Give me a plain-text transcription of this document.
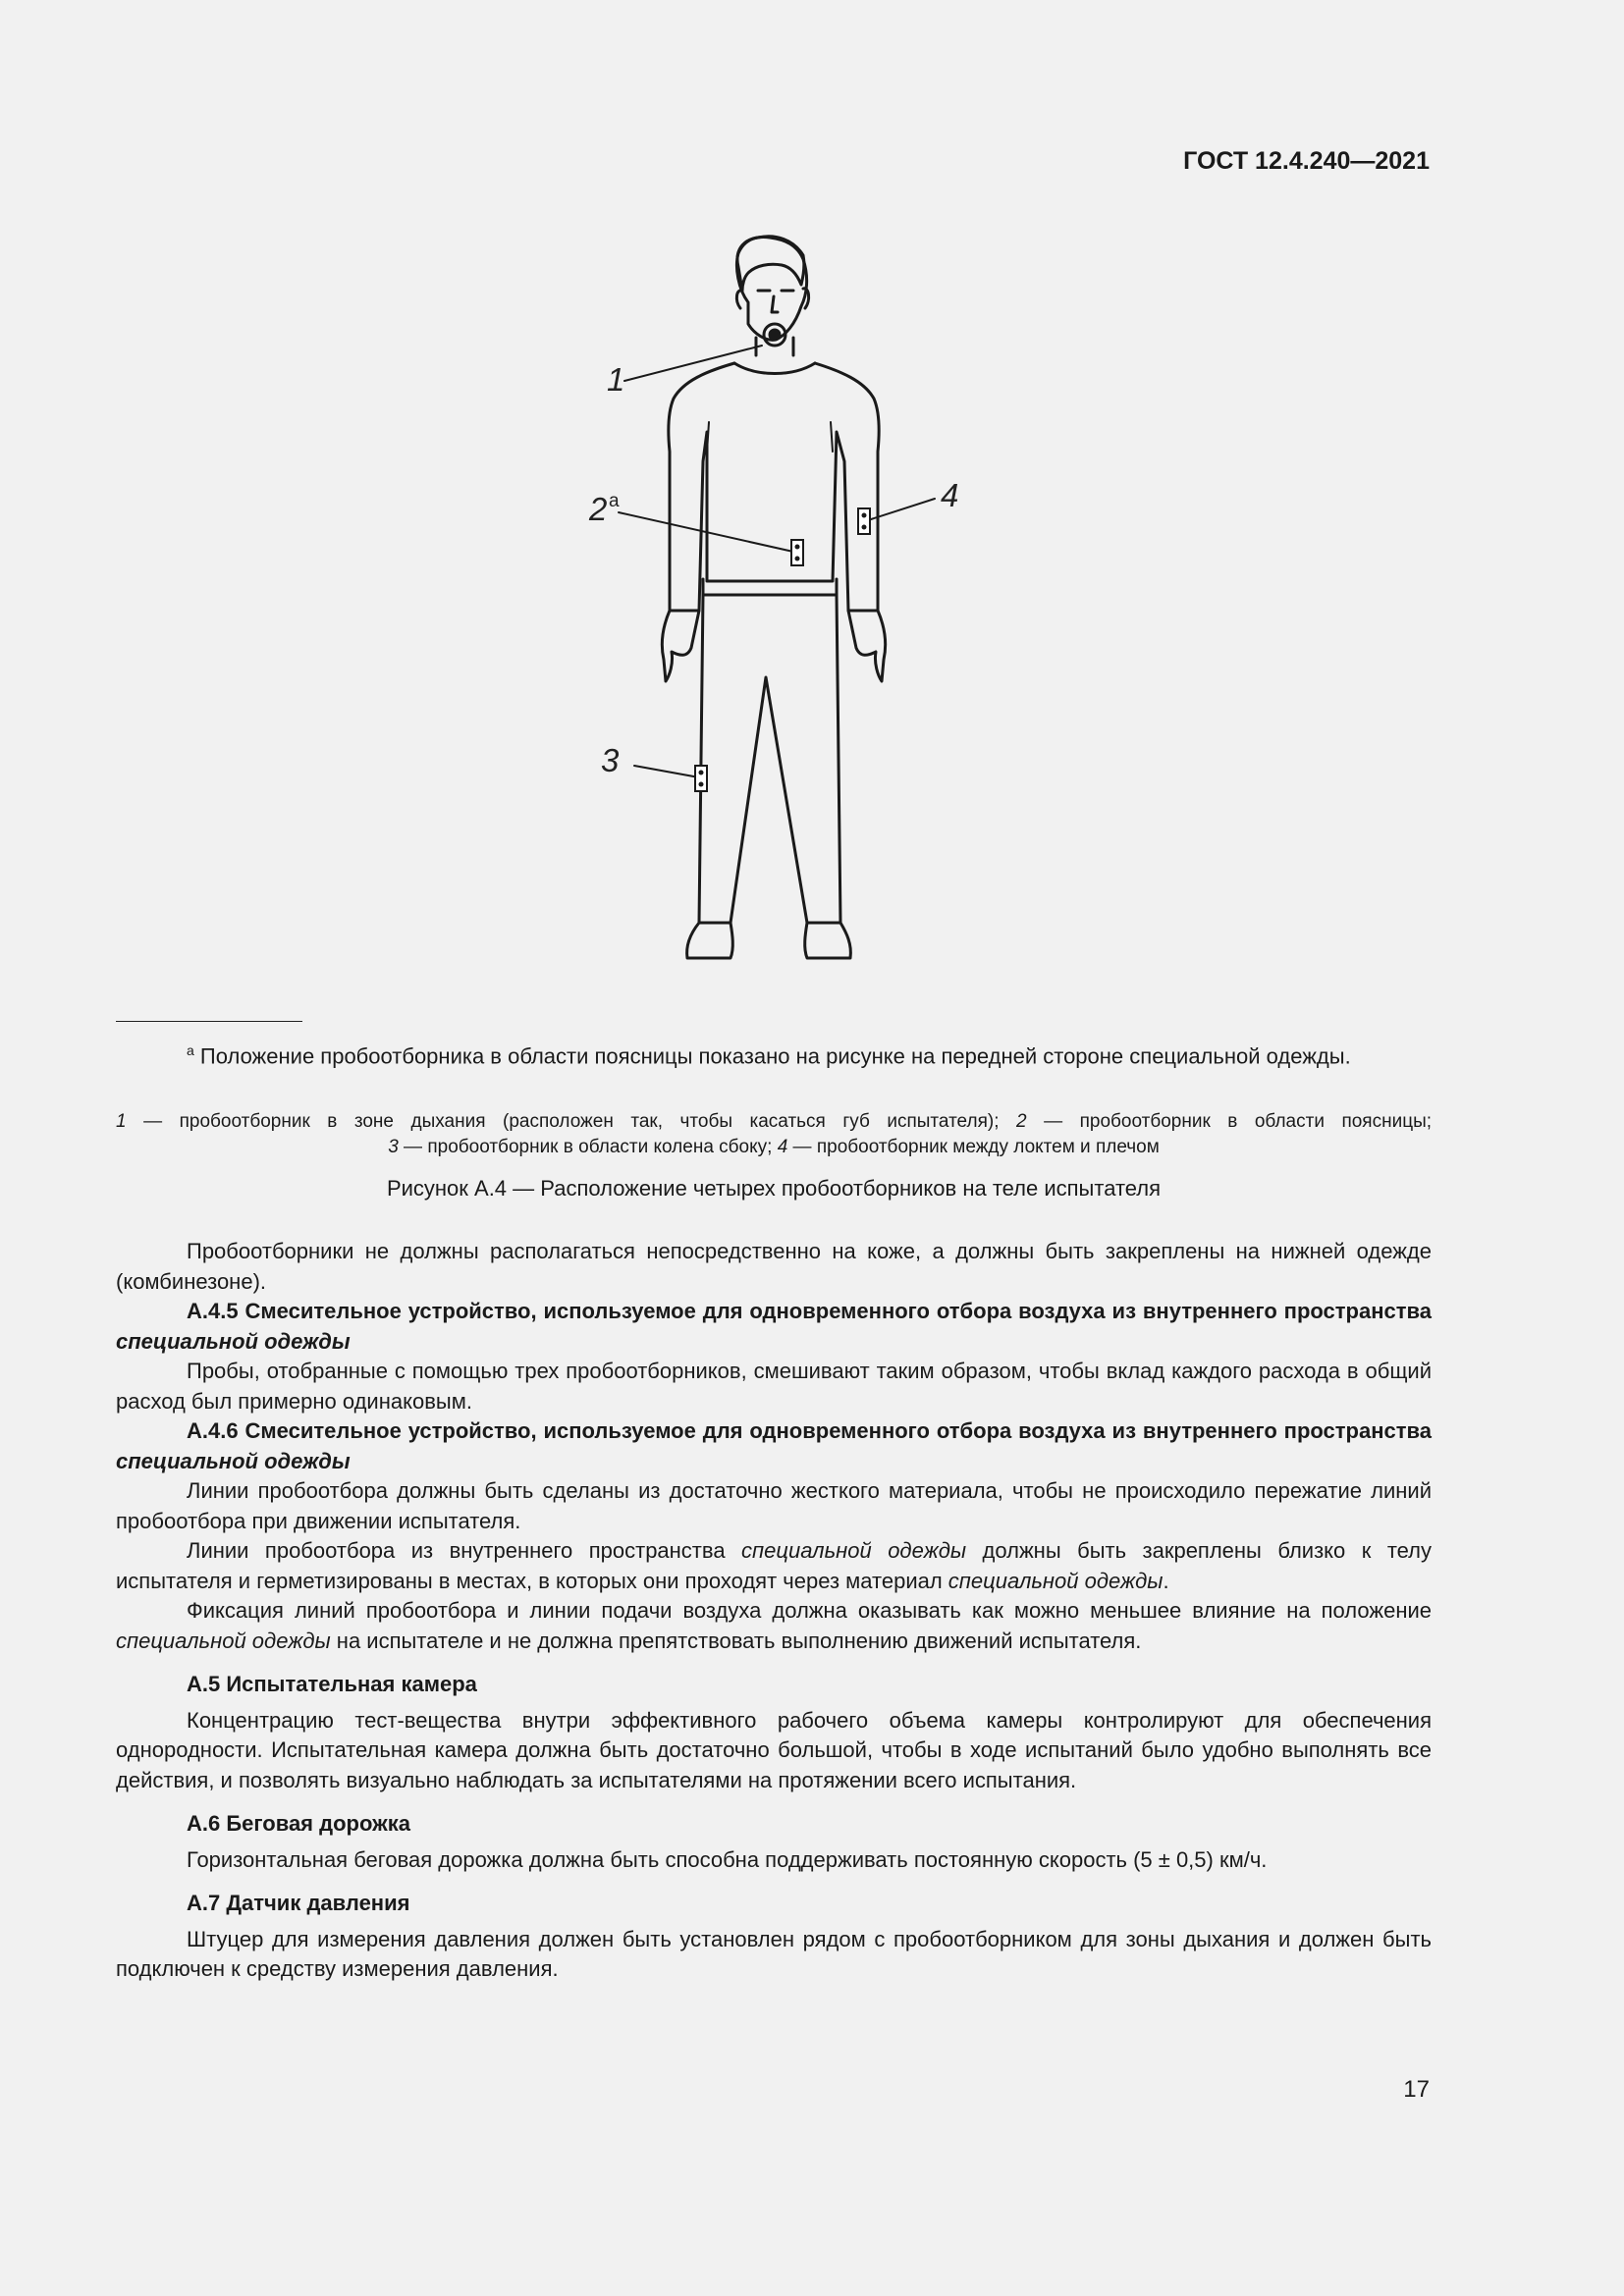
ГОСТ 12.4.240—2021
1
2 а	4
3
$^а$ Положение пробоотборника в области поясницы показано на рисунке на передней стороне специальной одежды.
1 — пробоотборник в зоне дыхания (расположен так, чтобы касаться губ испытателя); 2 — пробоотборник в области поясницы;
3 — пробоотборник в области колена сбоку; 4 — пробоотборник между локтем и плечом
Рисунок А.4 — Расположение четырех пробоотборников на теле испытателя

Пробоотборники не должны располагаться непосредственно на коже, а должны быть закреплены на нижней одежде (комбинезоне).

А.4.5 Смесительное устройство, используемое для одновременного отбора воздуха из внутреннего пространства специальной одежды

Пробы, отобранные с помощью трех пробоотборников, смешивают таким образом, чтобы вклад каждого расхода в общий расход был примерно одинаковым.

А.4.6 Смесительное устройство, используемое для одновременного отбора воздуха из внутреннего пространства специальной одежды

Линии пробоотбора должны быть сделаны из достаточно жесткого материала, чтобы не происходило пережатие линий пробоотбора при движении испытателя.

Линии пробоотбора из внутреннего пространства специальной одежды должны быть закреплены близко к телу испытателя и герметизированы в местах, в которых они проходят через материал специальной одежды.

Фиксация линий пробоотбора и линии подачи воздуха должна оказывать как можно меньшее влияние на положение специальной одежды на испытателе и не должна препятствовать выполнению движений испытателя.

А.5 Испытательная камера

Концентрацию тест-вещества внутри эффективного рабочего объема камеры контролируют для обеспечения однородности. Испытательная камера должна быть достаточно большой, чтобы в ходе испытаний было удобно выполнять все действия, и позволять визуально наблюдать за испытателями на протяжении всего испытания.

А.6 Беговая дорожка

Горизонтальная беговая дорожка должна быть способна поддерживать постоянную скорость (5 ± 0,5) км/ч.

А.7 Датчик давления

Штуцер для измерения давления должен быть установлен рядом с пробоотборником для зоны дыхания и должен быть подключен к средству измерения давления.

17
